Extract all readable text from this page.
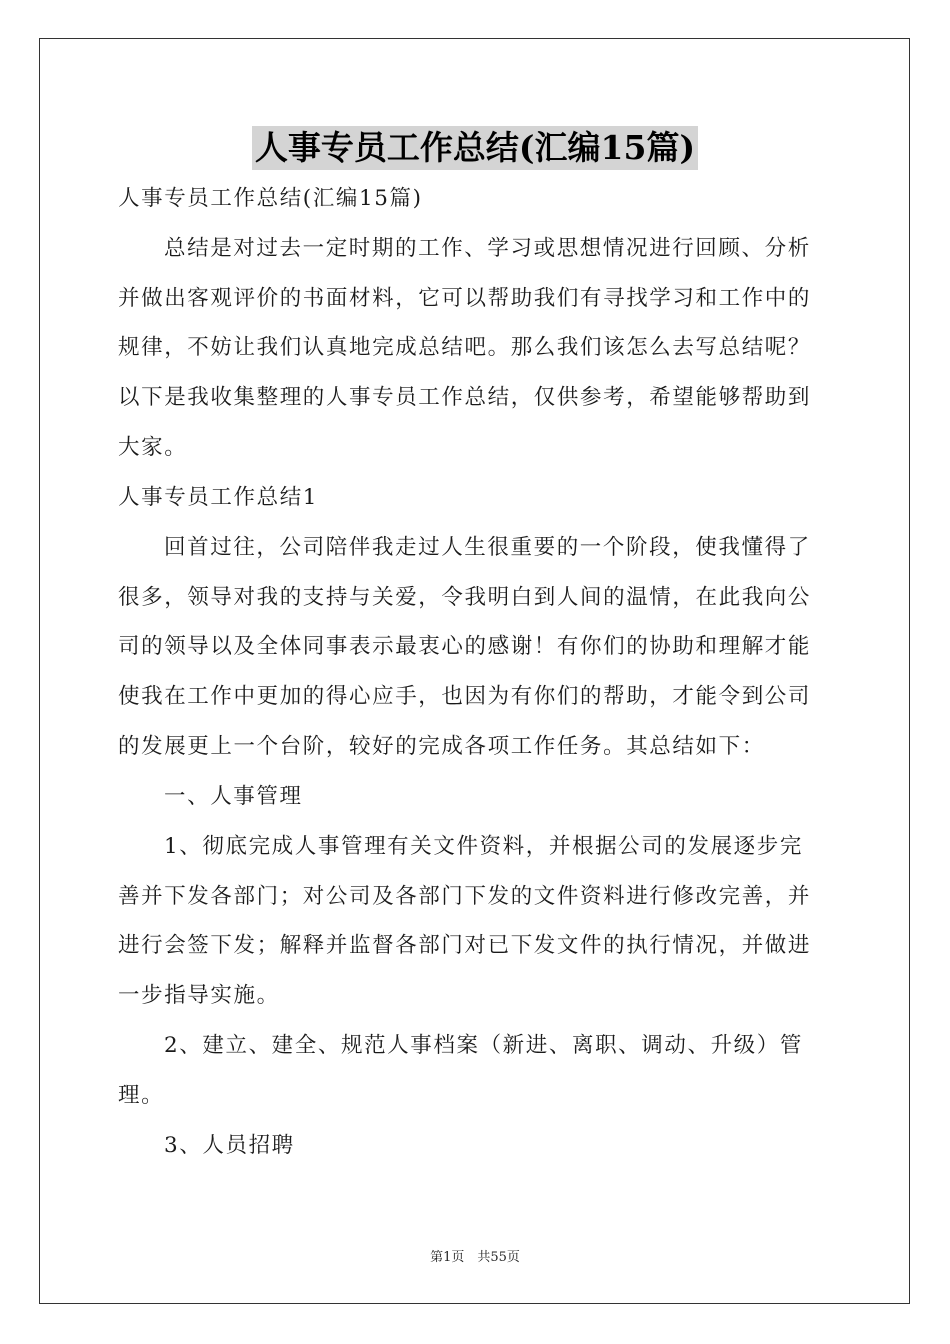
人事专员工作总结(汇编15篇)
人事专员工作总结(汇编15篇)
总结是对过去一定时期的工作、学习或思想情况进行回顾、分析
并做出客观评价的书面材料，它可以帮助我们有寻找学习和工作中的
规律，不妨让我们认真地完成总结吧。那么我们该怎么去写总结呢？
以下是我收集整理的人事专员工作总结，仅供参考，希望能够帮助到
大家。
人事专员工作总结1
回首过往，公司陪伴我走过人生很重要的一个阶段，使我懂得了
很多，领导对我的支持与关爱，令我明白到人间的温情，在此我向公
司的领导以及全体同事表示最衷心的感谢！有你们的协助和理解才能
使我在工作中更加的得心应手，也因为有你们的帮助，才能令到公司
的发展更上一个台阶，较好的完成各项工作任务。其总结如下：
一、人事管理
1、彻底完成人事管理有关文件资料，并根据公司的发展逐步完
善并下发各部门；对公司及各部门下发的文件资料进行修改完善，并
进行会签下发；解释并监督各部门对已下发文件的执行情况，并做进
一步指导实施。
2、建立、建全、规范人事档案（新进、离职、调动、升级）管
理。
3、人员招聘
第1页　共55页
